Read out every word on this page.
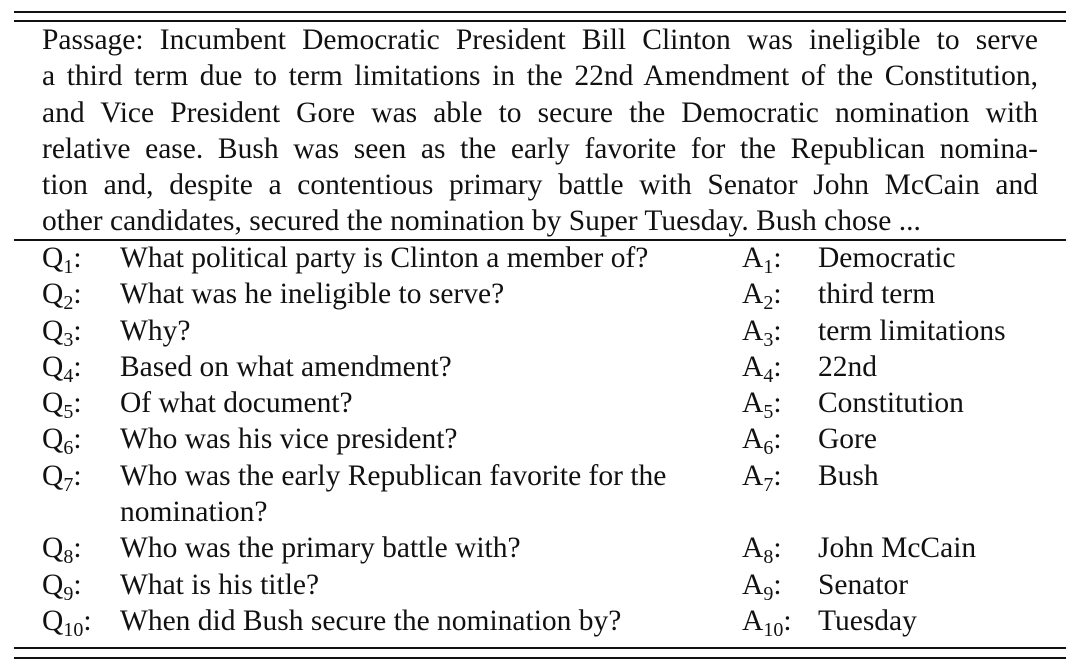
Passage: Incumbent Democratic President Bill Clinton was ineligible to serve
a third term due to term limitations in the 22nd Amendment of the Constitution,
and Vice President Gore was able to secure the Democratic nomination with
relative ease. Bush was seen as the early favorite for the Republican nomina-
tion and, despite a contentious primary battle with Senator John McCain and
other candidates, secured the nomination by Super Tuesday. Bush chose ...
$Q_1$: What political party is Clinton a member of?	$A_1$: Democratic
$Q_2$: What was he ineligible to serve?	$A_2$: third term
$Q_3$: Why?	$A_3$: term limitations
$Q_4$: Based on what amendment?	$A_4$: 22nd
$Q_5$: Of what document?	$A_5$: Constitution
$Q_6$: Who was his vice president?	$A_6$: Gore
$Q_7$: Who was the early Republican favorite for the nomination?
$A_7$: Bush
$Q_8$: Who was the primary battle with?	$A_8$: John McCain
$Q_9$: What is his title?	$A_9$: Senator
$Q_{10}$: When did Bush secure the nomination by?	$A_{10}$: Tuesday
